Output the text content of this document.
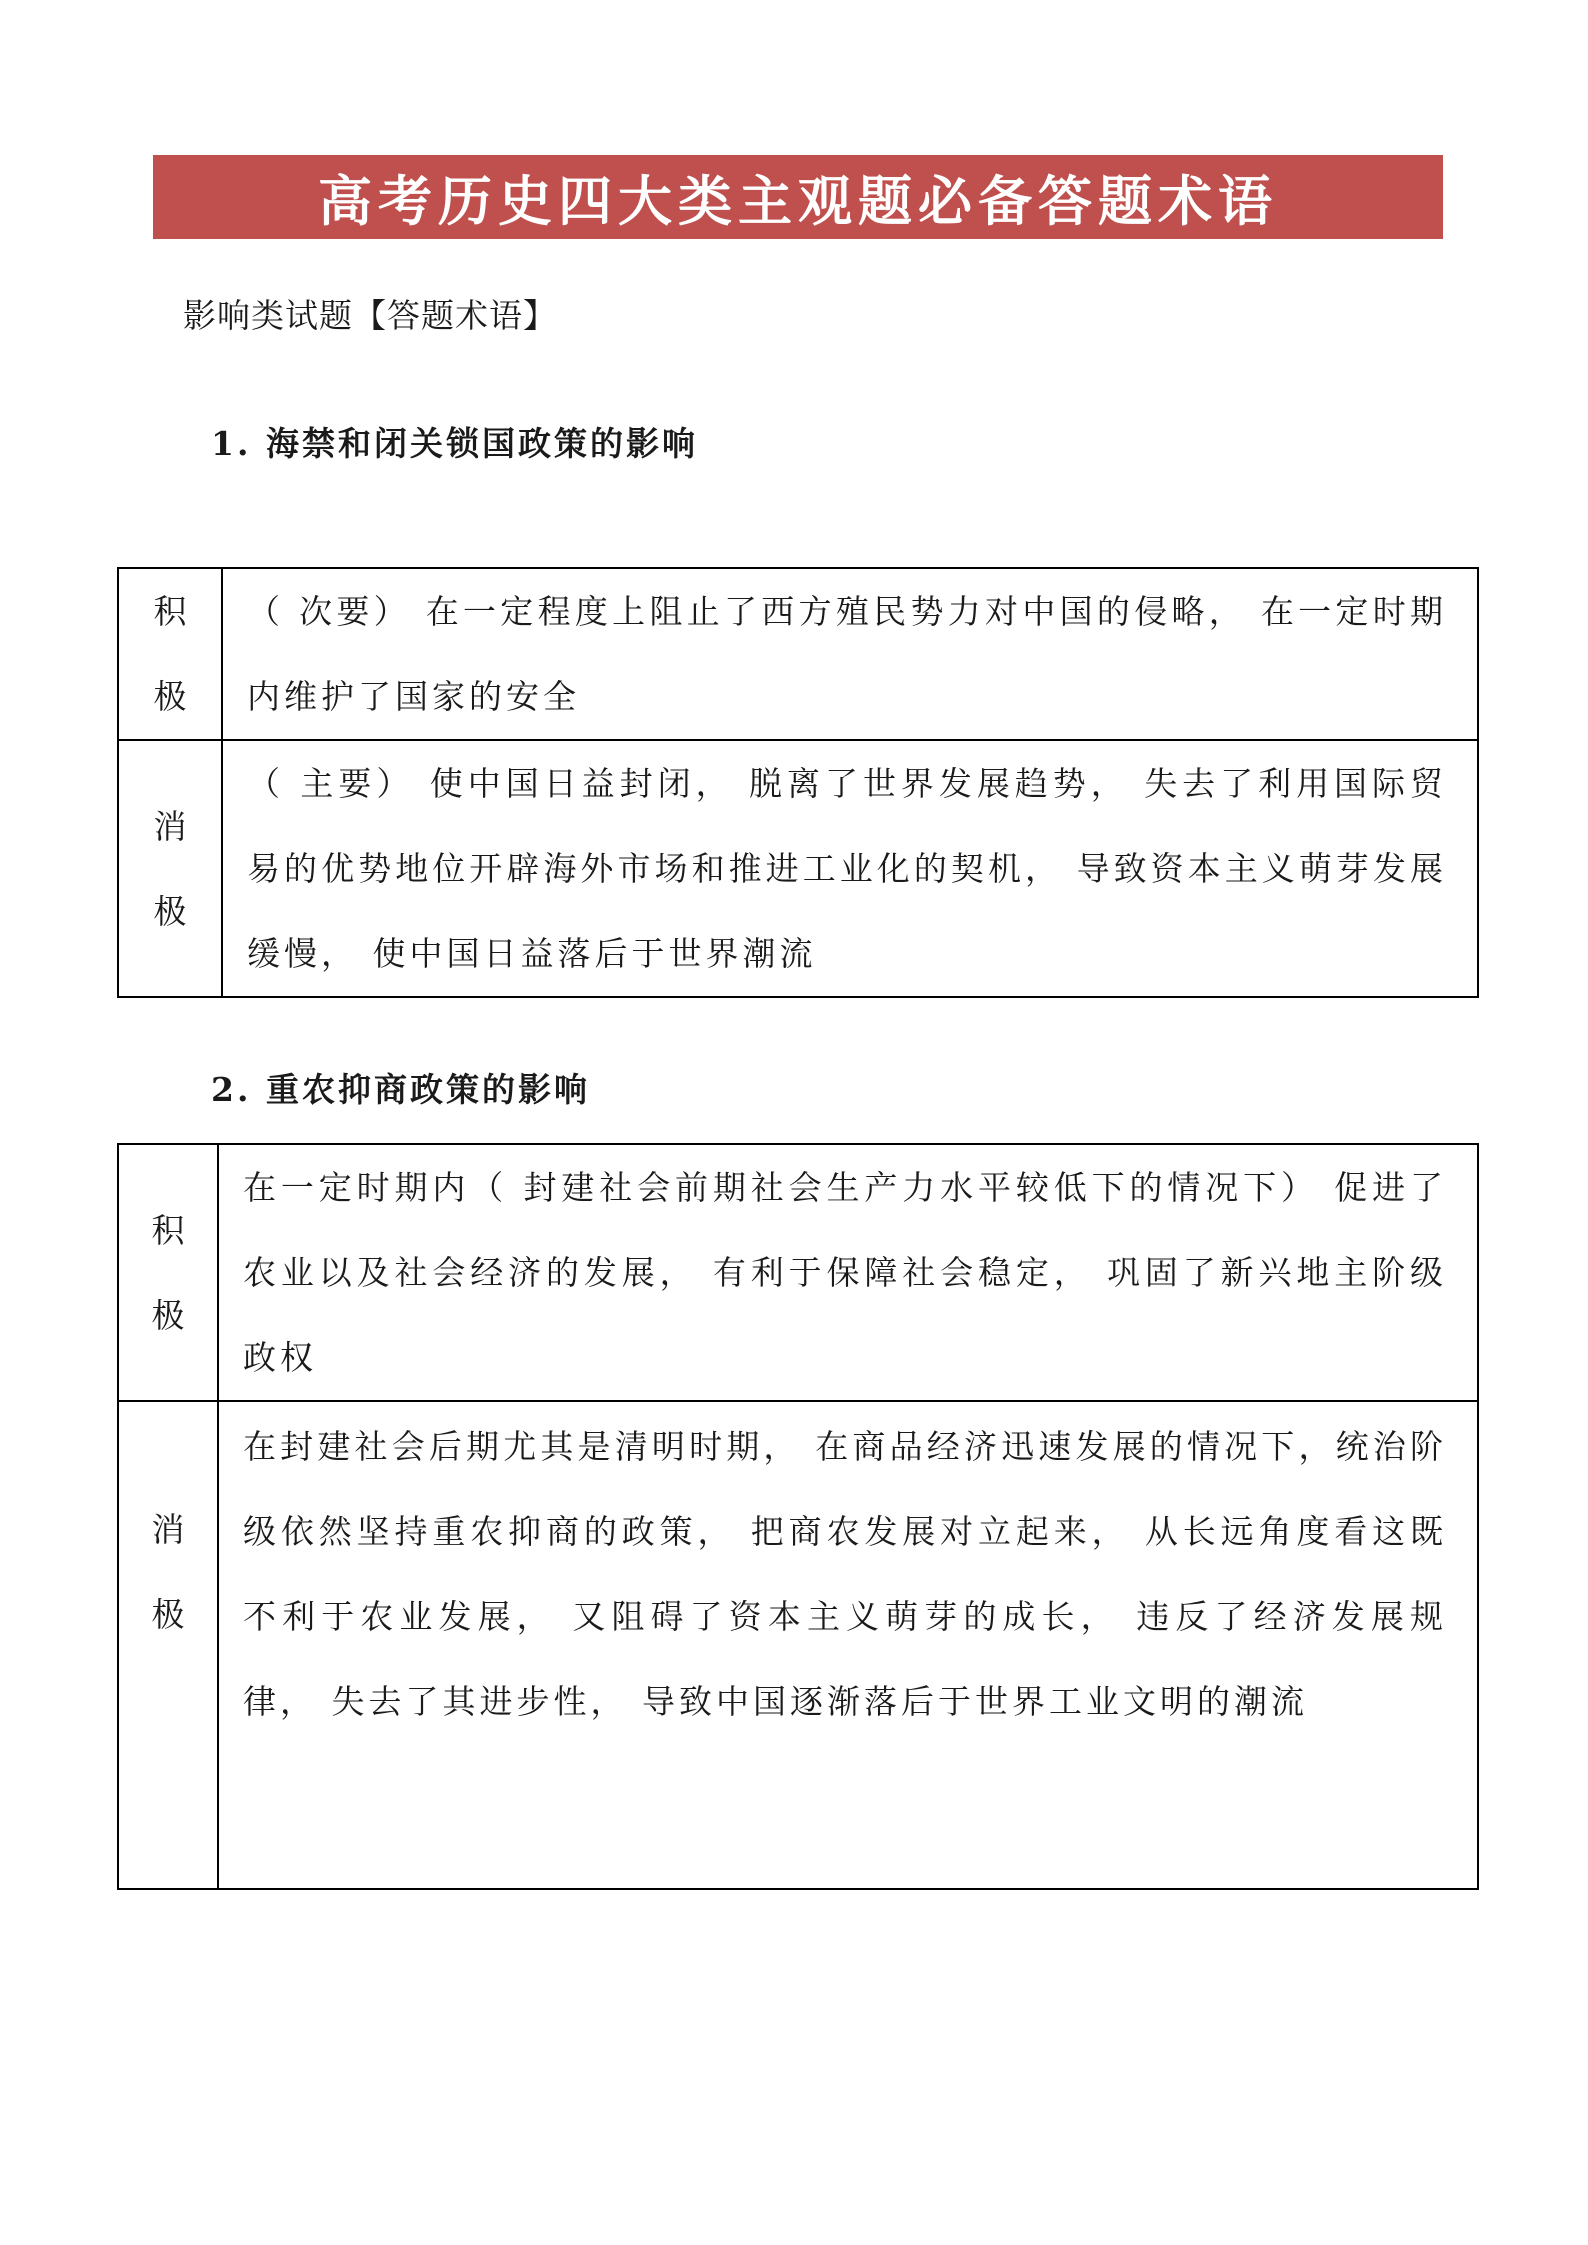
高考历史四大类主观题必备答题术语
影响类试题【答题术语】
1. 海禁和闭关锁国政策的影响
积极	（ 次要） 在一定程度上阻止了西方殖民势力对中国的侵略， 在一定时期内维护了国家的安全
消极	（ 主要） 使中国日益封闭， 脱离了世界发展趋势， 失去了利用国际贸易的优势地位开辟海外市场和推进工业化的契机， 导致资本主义萌芽发展缓慢， 使中国日益落后于世界潮流
2. 重农抑商政策的影响
积极	在一定时期内（ 封建社会前期社会生产力水平较低下的情况下） 促进了农业以及社会经济的发展， 有利于保障社会稳定， 巩固了新兴地主阶级政权

消极	在封建社会后期尤其是清明时期， 在商品经济迅速发展的情况下，统治阶级依然坚持重农抑商的政策， 把商农发展对立起来， 从长远角度看这既不利于农业发展， 又阻碍了资本主义萌芽的成长， 违反了经济发展规律， 失去了其进步性， 导致中国逐渐落后于世界工业文明的潮流
